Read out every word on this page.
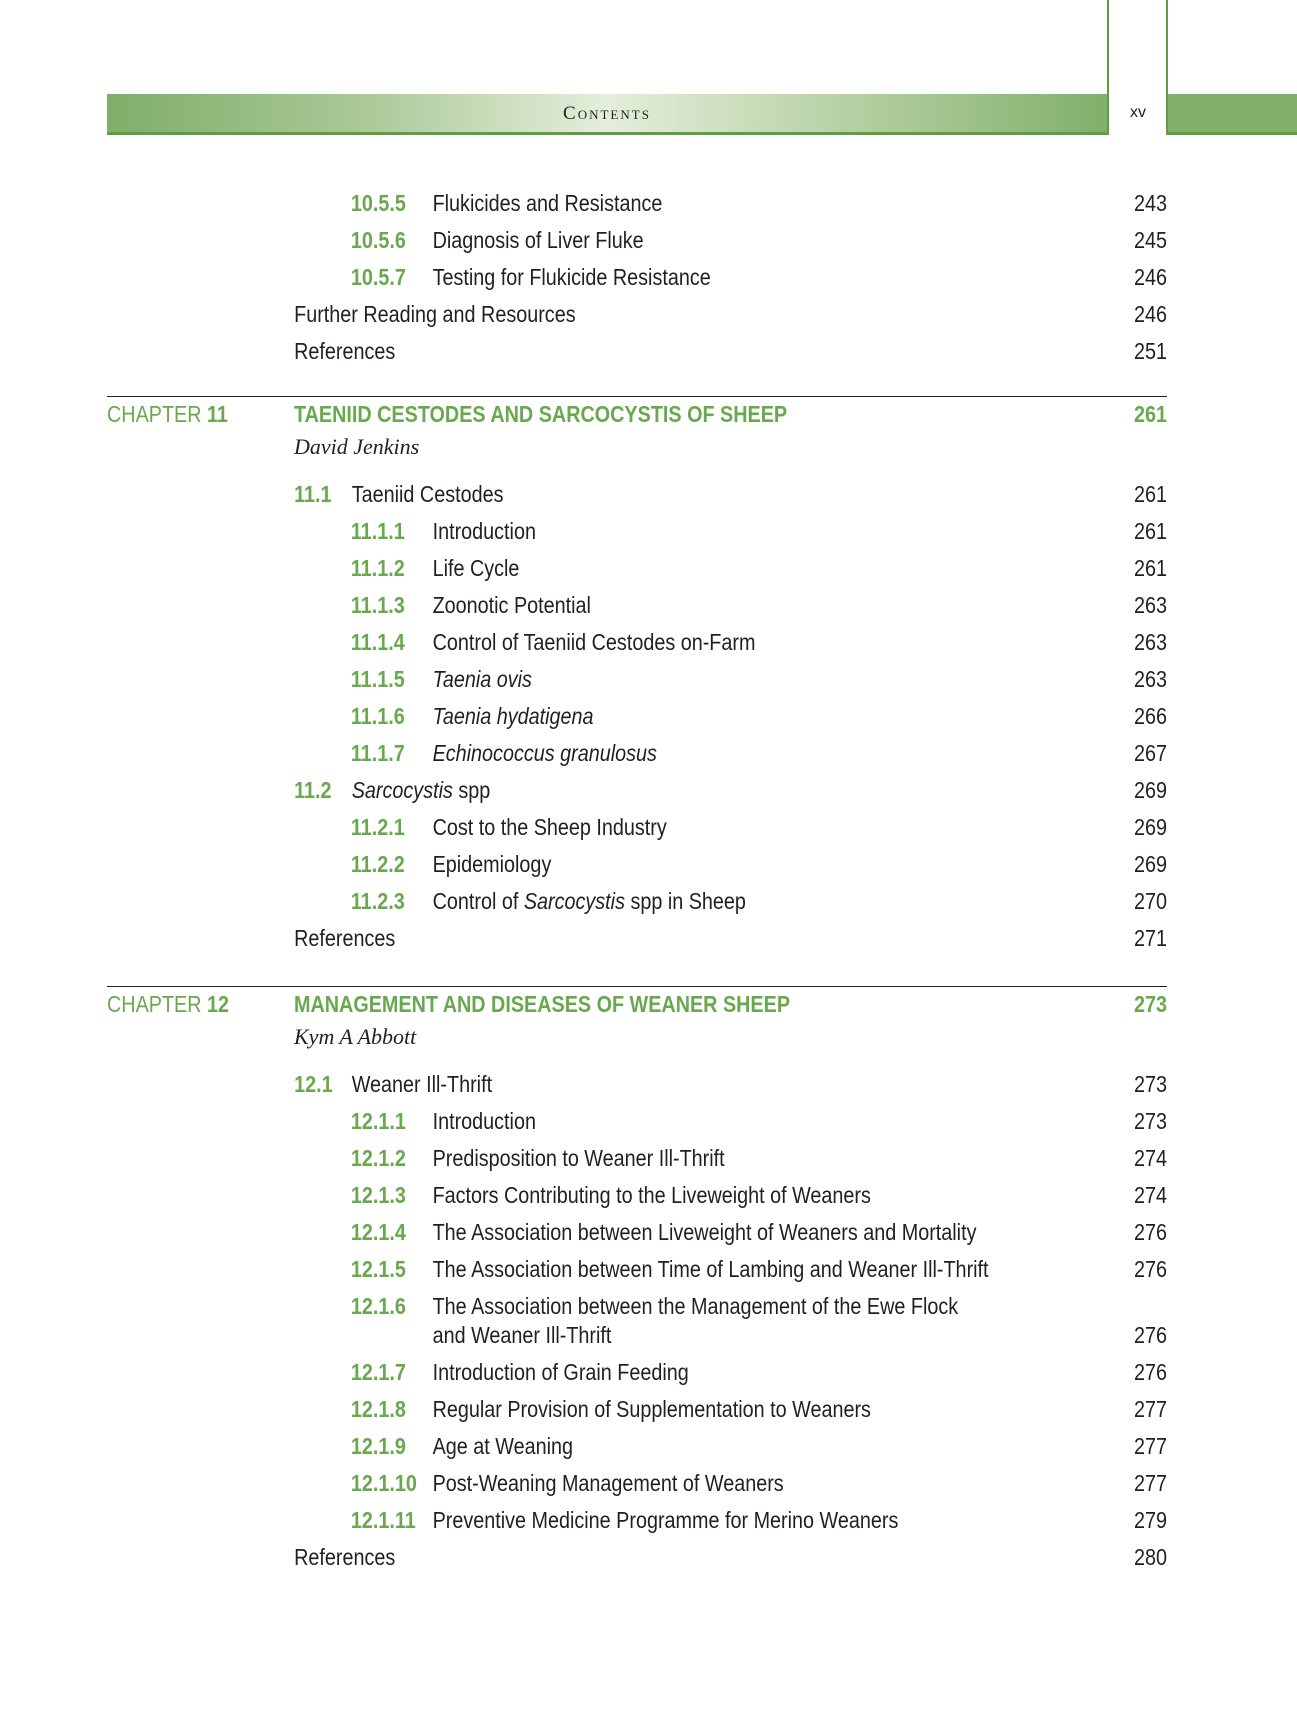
Contents	xv
10.5.5 Flukicides and Resistance	243
10.5.6 Diagnosis of Liver Fluke	245
10.5.7 Testing for Flukicide Resistance	246
Further Reading and Resources	246
References	251
CHAPTER 11	TAENIID CESTODES AND SARCOCYSTIS OF SHEEP	261
David Jenkins
11.1 Taeniid Cestodes	261
11.1.1 Introduction	261
11.1.2 Life Cycle	261
11.1.3 Zoonotic Potential	263
11.1.4 Control of Taeniid Cestodes on-Farm	263
11.1.5 Taenia ovis	263
11.1.6 Taenia hydatigena	266
11.1.7 Echinococcus granulosus	267
11.2 Sarcocystis spp	269
11.2.1 Cost to the Sheep Industry	269
11.2.2 Epidemiology	269
11.2.3 Control of Sarcocystis spp in Sheep	270
References	271
CHAPTER 12	MANAGEMENT AND DISEASES OF WEANER SHEEP	273
Kym A Abbott
12.1 Weaner Ill-Thrift	273
12.1.1 Introduction	273
12.1.2 Predisposition to Weaner Ill-Thrift	274
12.1.3 Factors Contributing to the Liveweight of Weaners	274
12.1.4 The Association between Liveweight of Weaners and Mortality	276
12.1.5 The Association between Time of Lambing and Weaner Ill-Thrift	276
12.1.6 The Association between the Management of the Ewe Flock
and Weaner Ill-Thrift	276
12.1.7 Introduction of Grain Feeding	276
12.1.8 Regular Provision of Supplementation to Weaners	277
12.1.9 Age at Weaning	277
12.1.10 Post-Weaning Management of Weaners	277
12.1.11 Preventive Medicine Programme for Merino Weaners	279
References	280
